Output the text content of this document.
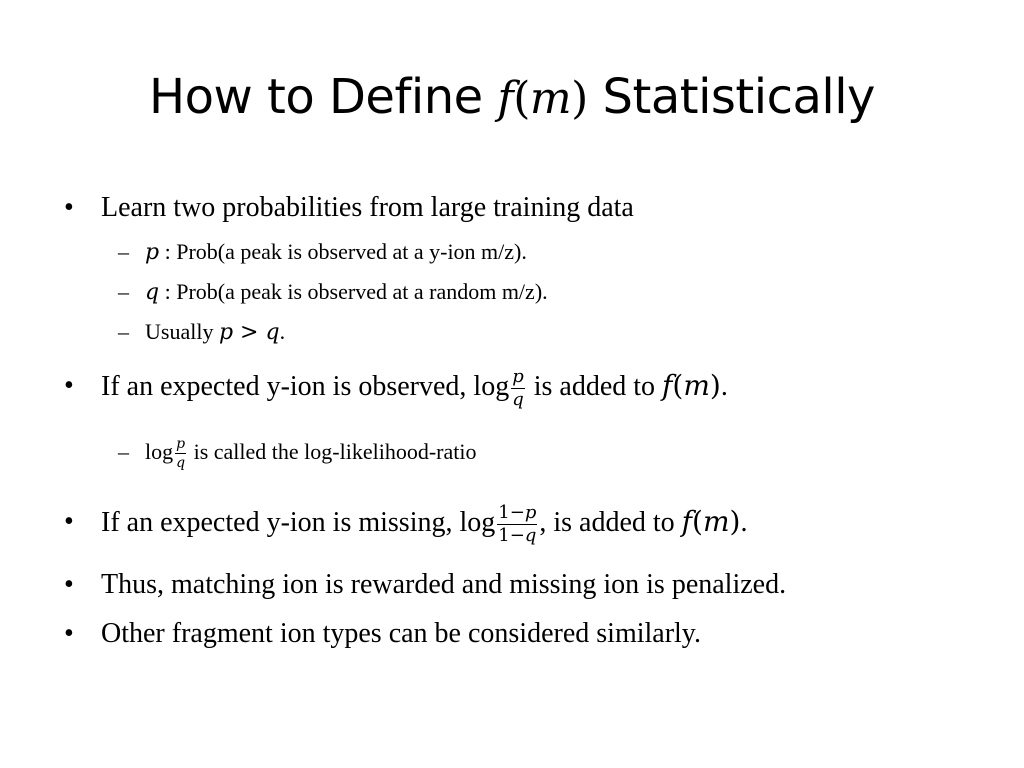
How to Define f(m) Statistically
• Learn two probabilities from large training data
– p : Prob(a peak is observed at a y-ion m/z).
– q : Prob(a peak is observed at a random m/z).
– Usually p > q.
• If an expected y-ion is observed, $\log \frac{p}{q}$ is added to f(m).
– $\log \frac{p}{q}$ is called the log-likelihood-ratio
• If an expected y-ion is missing, $\log \frac{1-p}{1-q}$ , is added to f(m).
• Thus, matching ion is rewarded and missing ion is penalized.
• Other fragment ion types can be considered similarly.
